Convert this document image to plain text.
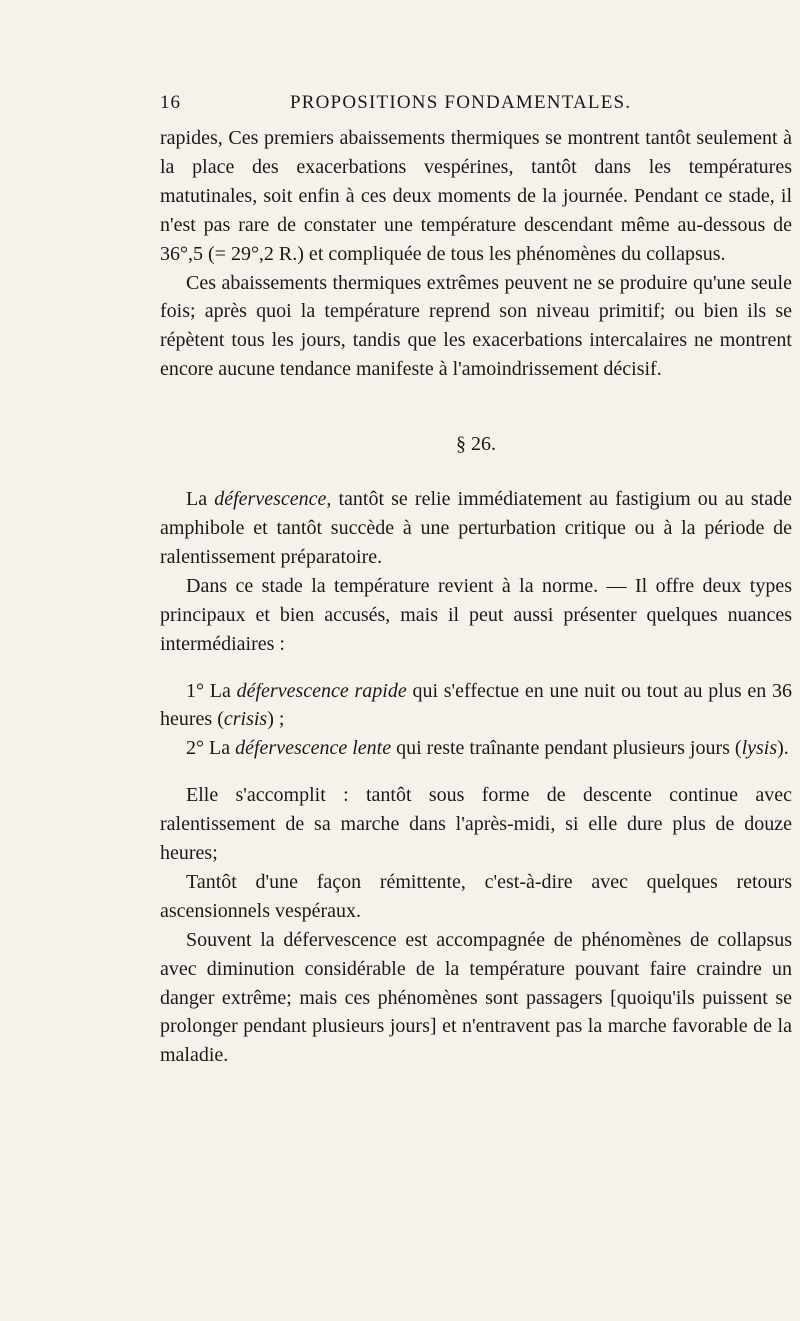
16	PROPOSITIONS FONDAMENTALES.

rapides, Ces premiers abaissements thermiques se montrent tantôt seulement à la place des exacerbations vespérines, tantôt dans les températures matutinales, soit enfin à ces deux moments de la journée. Pendant ce stade, il n'est pas rare de constater une température descendant même au-dessous de 36°,5 (= 29°,2 R.) et compliquée de tous les phénomènes du collapsus.

Ces abaissements thermiques extrêmes peuvent ne se produire qu'une seule fois; après quoi la température reprend son niveau primitif; ou bien ils se répètent tous les jours, tandis que les exacerbations intercalaires ne montrent encore aucune tendance manifeste à l'amoindrissement décisif.

§ 26.

La défervescence, tantôt se relie immédiatement au fastigium ou au stade amphibole et tantôt succède à une perturbation critique ou à la période de ralentissement préparatoire.

Dans ce stade la température revient à la norme. — Il offre deux types principaux et bien accusés, mais il peut aussi présenter quelques nuances intermédiaires :

1° La défervescence rapide qui s'effectue en une nuit ou tout au plus en 36 heures (crisis) ;

2° La défervescence lente qui reste traînante pendant plusieurs jours (lysis).

Elle s'accomplit : tantôt sous forme de descente continue avec ralentissement de sa marche dans l'après-midi, si elle dure plus de douze heures;

Tantôt d'une façon rémittente, c'est-à-dire avec quelques retours ascensionnels vespéraux.

Souvent la défervescence est accompagnée de phénomènes de collapsus avec diminution considérable de la température pouvant faire craindre un danger extrême; mais ces phénomènes sont passagers [quoiqu'ils puissent se prolonger pendant plusieurs jours] et n'entravent pas la marche favorable de la maladie.
